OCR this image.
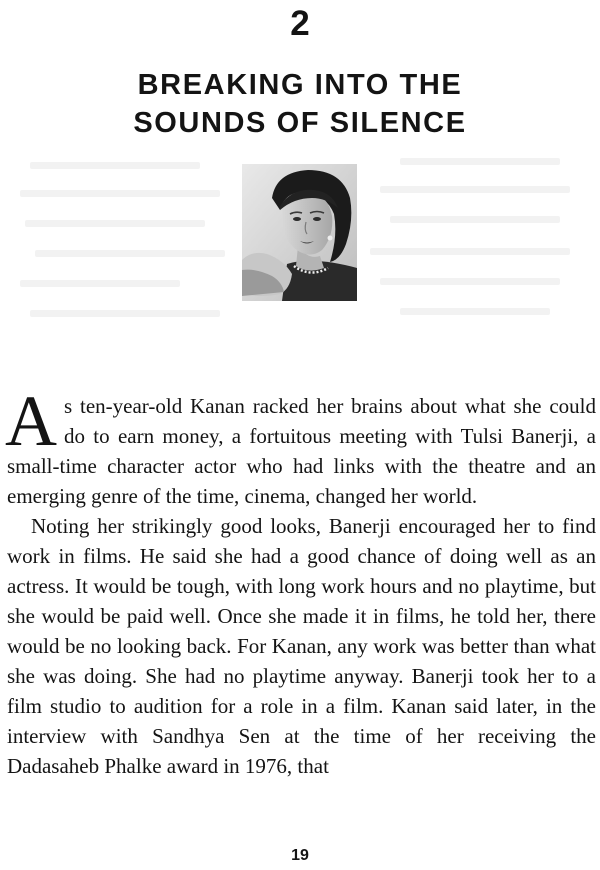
2
BREAKING INTO THE
SOUNDS OF SILENCE

As ten-year-old Kanan racked her brains about what she could do to earn money, a fortuitous meeting with Tulsi Banerji, a small-time character actor who had links with the theatre and an emerging genre of the time, cinema, changed her world.

Noting her strikingly good looks, Banerji encouraged her to find work in films. He said she had a good chance of doing well as an actress. It would be tough, with long work hours and no playtime, but she would be paid well. Once she made it in films, he told her, there would be no looking back. For Kanan, any work was better than what she was doing. She had no playtime anyway. Banerji took her to a film studio to audition for a role in a film. Kanan said later, in the interview with Sandhya Sen at the time of her receiving the Dadasaheb Phalke award in 1976, that

19
